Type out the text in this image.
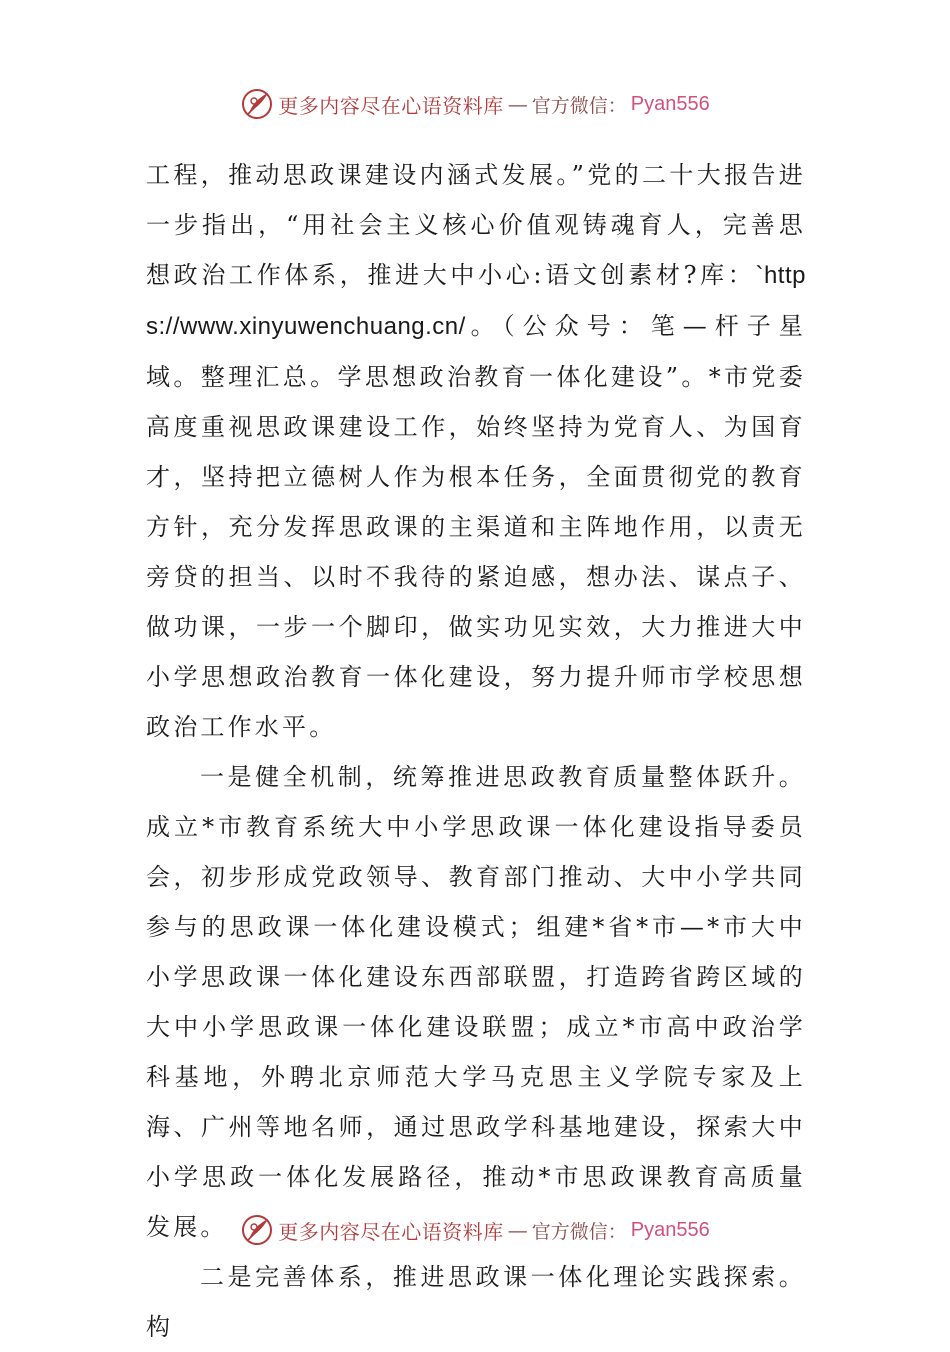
更多内容尽在心语资料库 — 官方微信： Pyan556

工程，推动思政课建设内涵式发展。”党的二十大报告进一步指出，“用社会主义核心价值观铸魂育人，完善思想政治工作体系，推进大中小心:语文创素材?库：`https://www.xinyuwenchuang.cn/。（公众号：笔—杆子星域。整理汇总。学思想政治教育一体化建设”。*市党委高度重视思政课建设工作，始终坚持为党育人、为国育才，坚持把立德树人作为根本任务，全面贯彻党的教育方针，充分发挥思政课的主渠道和主阵地作用，以责无旁贷的担当、以时不我待的紧迫感，想办法、谋点子、做功课，一步一个脚印，做实功见实效，大力推进大中小学思想政治教育一体化建设，努力提升师市学校思想政治工作水平。

一是健全机制，统筹推进思政教育质量整体跃升。成立*市教育系统大中小学思政课一体化建设指导委员会，初步形成党政领导、教育部门推动、大中小学共同参与的思政课一体化建设模式；组建*省*市—*市大中小学思政课一体化建设东西部联盟，打造跨省跨区域的大中小学思政课一体化建设联盟；成立*市高中政治学科基地，外聘北京师范大学马克思主义学院专家及上海、广州等地名师，通过思政学科基地建设，探索大中小学思政一体化发展路径，推动*市思政课教育高质量发展。

二是完善体系，推进思政课一体化理论实践探索。构

更多内容尽在心语资料库 — 官方微信： Pyan556
